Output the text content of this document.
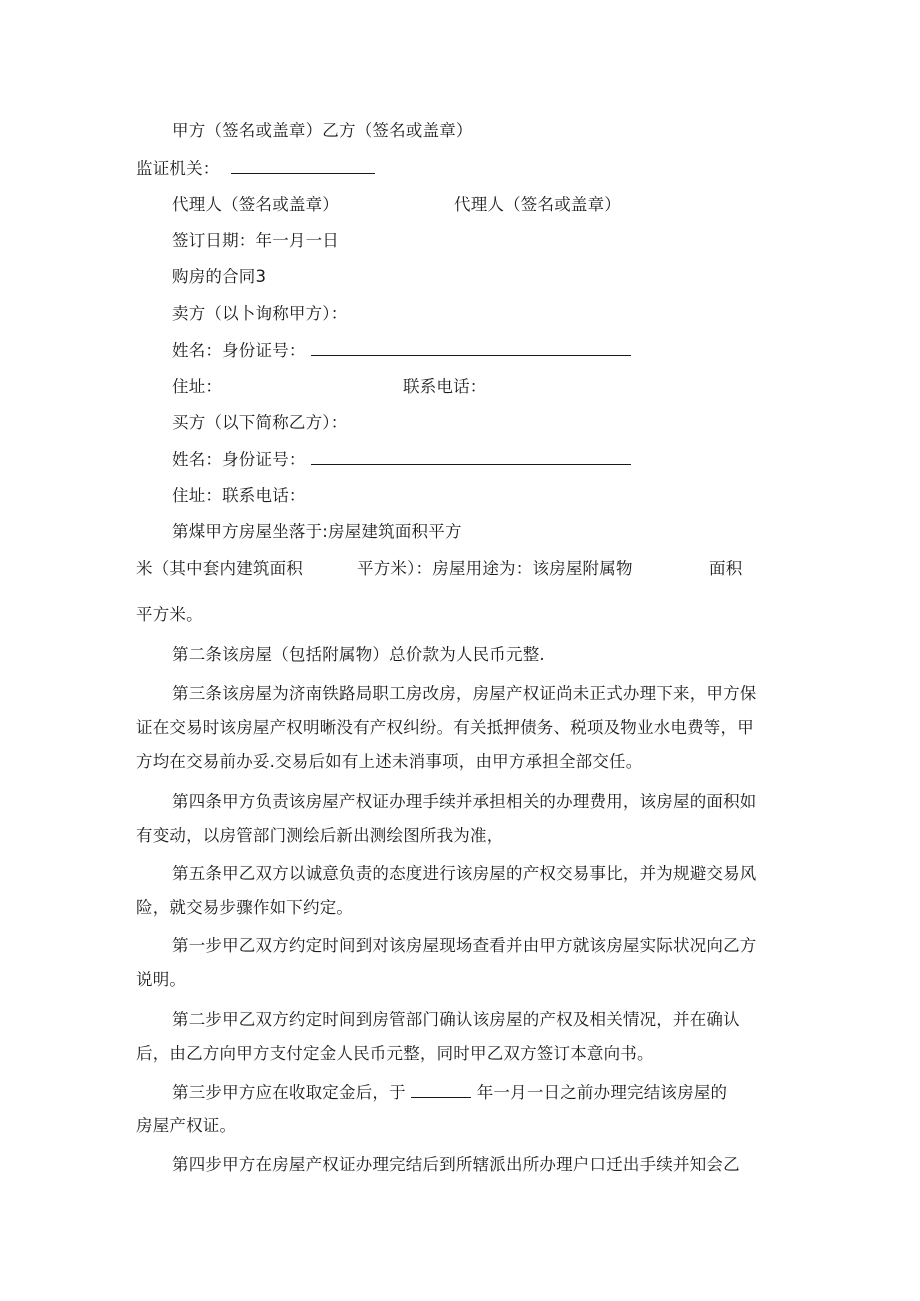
甲方（签名或盖章）乙方（签名或盖章）
监证机关：
代理人（签名或盖章）	代理人（签名或盖章）
签订日期：年一月一日
购房的合同3
卖方（以卜询称甲方）：
姓名：身份证号：
住址：	联系电话：
买方（以下简称乙方）：
姓名：身份证号：
住址：联系电话：
第煤甲方房屋坐落于:房屋建筑面积平方
米（其中套内建筑面积	平方米）：房屋用途为：该房屋附属物	面积
平方米。
第二条该房屋（包括附属物）总价款为人民币元整.
第三条该房屋为济南铁路局职工房改房，房屋产权证尚未正式办理下来，甲方保
证在交易时该房屋产权明晰没有产权纠纷。有关抵押债务、税项及物业水电费等，甲
方均在交易前办妥.交易后如有上述未消事项，由甲方承担全部交任。
第四条甲方负责该房屋产权证办理手续并承担相关的办理费用，该房屋的面积如
有变动，以房管部门测绘后新出测绘图所我为准，
第五条甲乙双方以诚意负责的态度进行该房屋的产权交易事比，并为规避交易风
险，就交易步骤作如下约定。
第一步甲乙双方约定时间到对该房屋现场查看并由甲方就该房屋实际状况向乙方
说明。
第二步甲乙双方约定时间到房管部门确认该房屋的产权及相关情况，并在确认
后，由乙方向甲方支付定金人民币元整，同时甲乙双方签订本意向书。
第三步甲方应在收取定金后，于	年一月一日之前办理完结该房屋的
房屋产权证。
第四步甲方在房屋产权证办理完结后到所辖派出所办理户口迁出手续并知会乙
